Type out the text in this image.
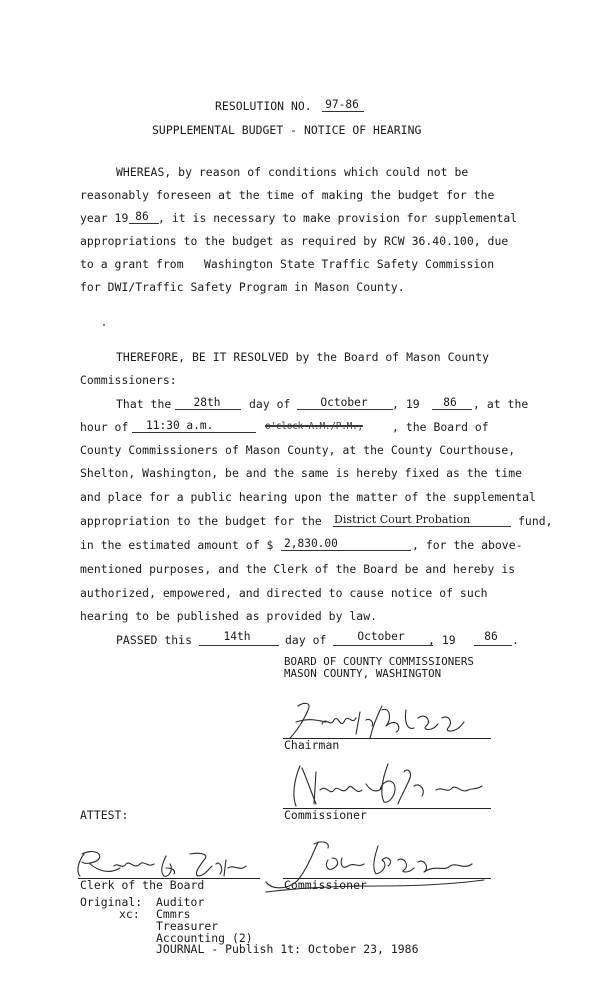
RESOLUTION NO. 97-86
SUPPLEMENTAL BUDGET - NOTICE OF HEARING
WHEREAS, by reason of conditions which could not be
reasonably foreseen at the time of making the budget for the
year 19 86 , it is necessary to make provision for supplemental
appropriations to the budget as required by RCW 36.40.100, due
to a grant from Washington State Traffic Safety Commission
for DWI/Traffic Safety Program in Mason County.
THEREFORE, BE IT RESOLVED by the Board of Mason County
Commissioners:
That the	28th	day of	October	, 19	86	, at the
hour of 11:30 a.m.	o'clock A.M./P.M.,	, the Board of
County Commissioners of Mason County, at the County Courthouse,
Shelton, Washington, be and the same is hereby fixed as the time
and place for a public hearing upon the matter of the supplemental
appropriation to the budget for the District Court Probation	fund,
in the estimated amount of $ 2,830.00	, for the above-
mentioned purposes, and the Clerk of the Board be and hereby is
authorized, empowered, and directed to cause notice of such
hearing to be published as provided by law.
PASSED this	14th	day of	October	, 19	86	.
BOARD OF COUNTY COMMISSIONERS
MASON COUNTY, WASHINGTON
Chairman
Commissioner
ATTEST:
Clerk of the Board	Commissioner
Original: Auditor
xc: Cmmrs
Treasurer
Accounting (2)
JOURNAL - Publish 1t: October 23, 1986
